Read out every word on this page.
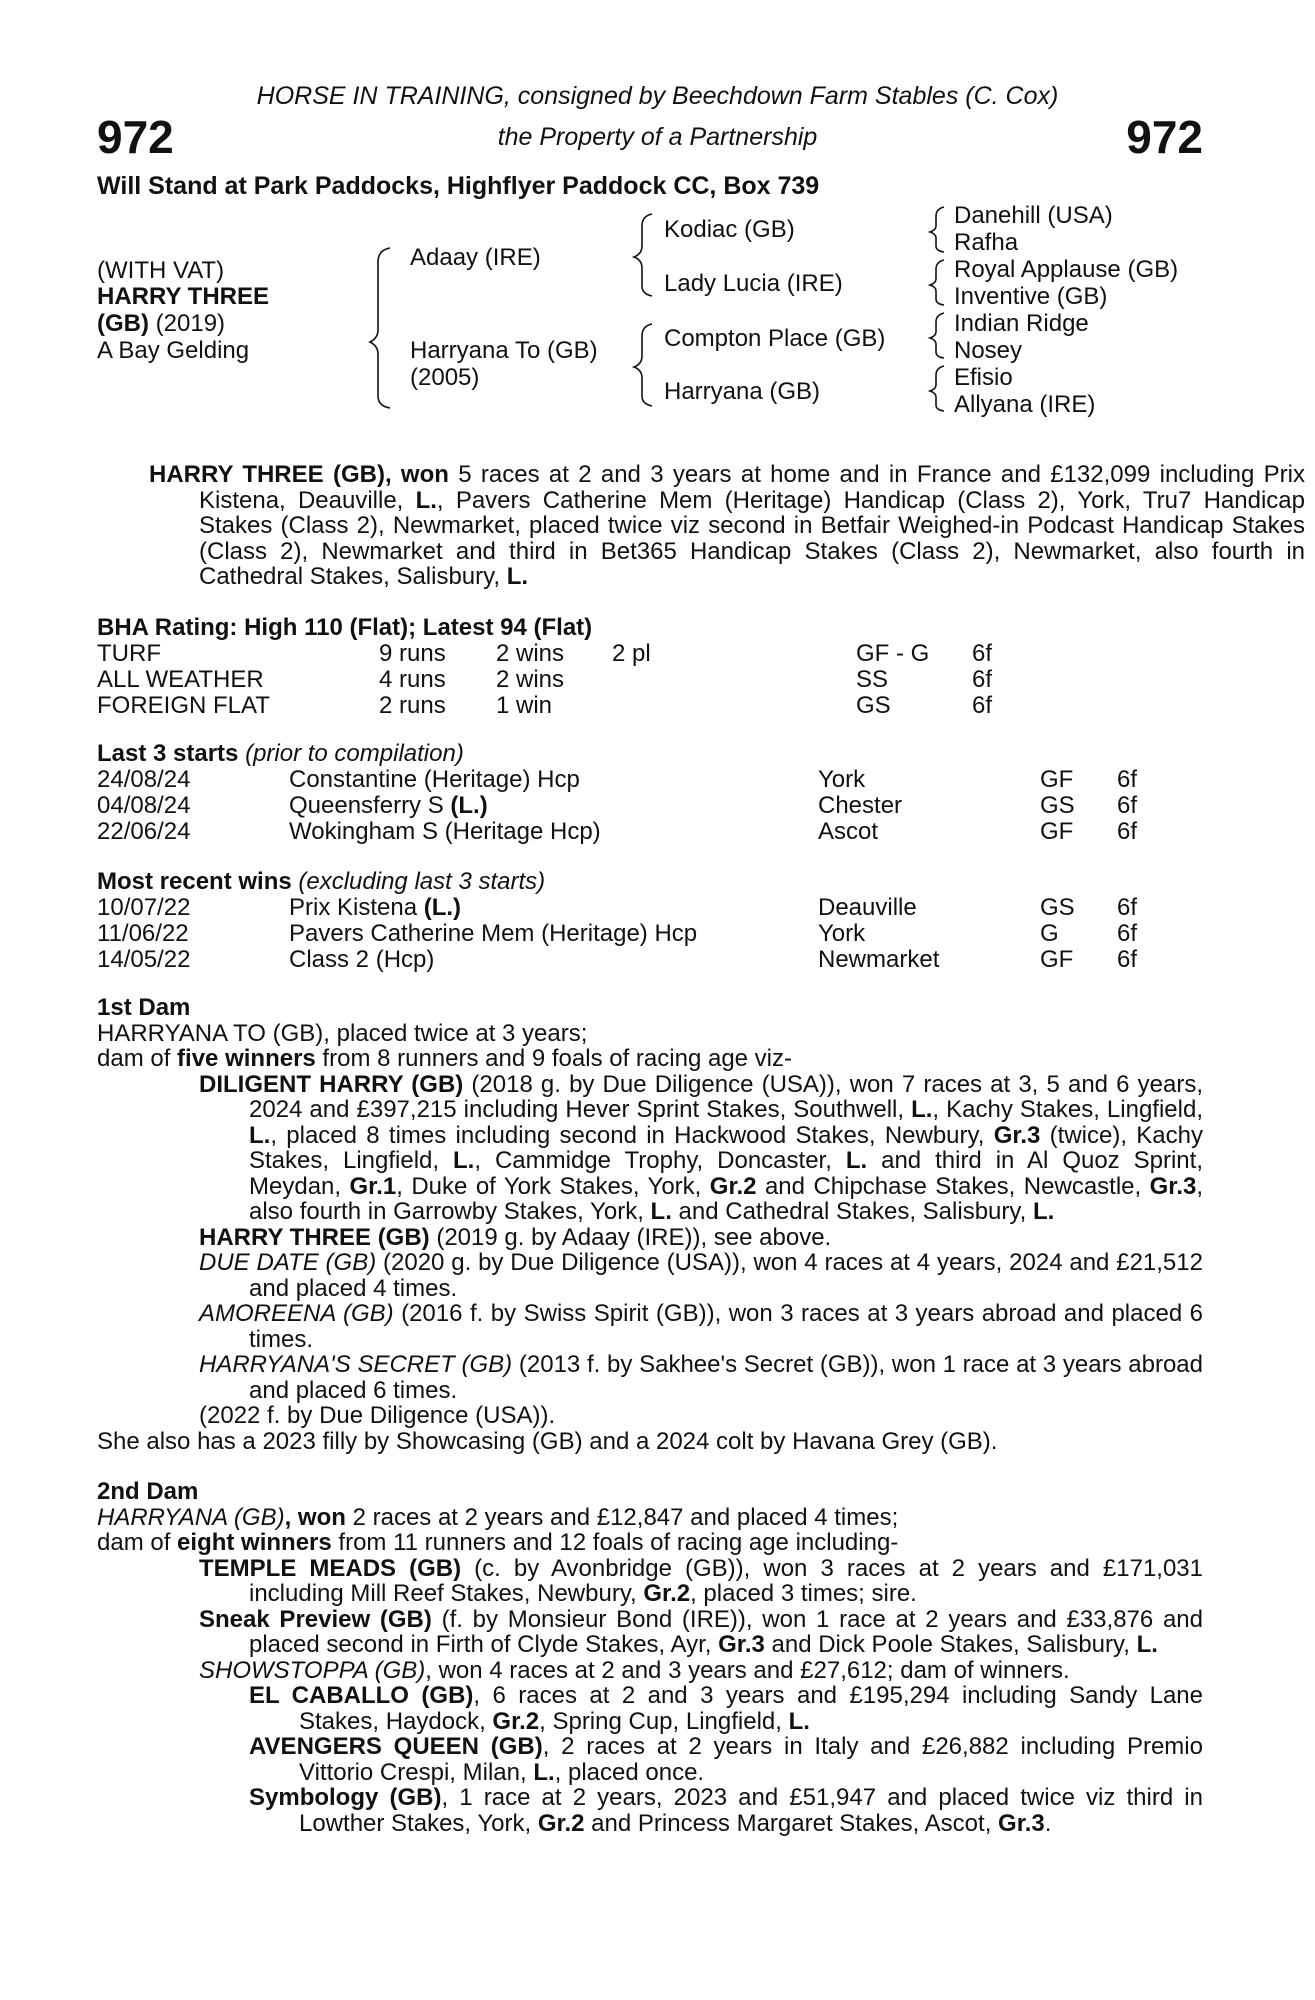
972	972
HORSE IN TRAINING, consigned by Beechdown Farm Stables (C. Cox)
the Property of a Partnership
Will Stand at Park Paddocks, Highflyer Paddock CC, Box 739
(WITH VAT)
HARRY THREE
(GB) (2019)
A Bay Gelding
Adaay (IRE)
Harryana To (GB)
(2005)
Kodiac (GB)
Lady Lucia (IRE)
Compton Place (GB)
Harryana (GB)
Danehill (USA)
Rafha
Royal Applause (GB)
Inventive (GB)
Indian Ridge
Nosey
Efisio
Allyana (IRE)
HARRY THREE (GB), won 5 races at 2 and 3 years at home and in France and £132,099 including Prix Kistena, Deauville, L., Pavers Catherine Mem (Heritage) Handicap (Class 2), York, Tru7 Handicap Stakes (Class 2), Newmarket, placed twice viz second in Betfair Weighed-in Podcast Handicap Stakes (Class 2), Newmarket and third in Bet365 Handicap Stakes (Class 2), Newmarket, also fourth in Cathedral Stakes, Salisbury, L.
BHA Rating: High 110 (Flat); Latest 94 (Flat)
Last 3 starts (prior to compilation)
Most recent wins (excluding last 3 starts)
1st Dam
HARRYANA TO (GB), placed twice at 3 years;
dam of five winners from 8 runners and 9 foals of racing age viz-
DILIGENT HARRY (GB) (2018 g. by Due Diligence (USA)), won 7 races at 3, 5 and 6 years, 2024 and £397,215 including Hever Sprint Stakes, Southwell, L., Kachy Stakes, Lingfield, L., placed 8 times including second in Hackwood Stakes, Newbury, Gr.3 (twice), Kachy Stakes, Lingfield, L., Cammidge Trophy, Doncaster, L. and third in Al Quoz Sprint, Meydan, Gr.1, Duke of York Stakes, York, Gr.2 and Chipchase Stakes, Newcastle, Gr.3, also fourth in Garrowby Stakes, York, L. and Cathedral Stakes, Salisbury, L.
HARRY THREE (GB) (2019 g. by Adaay (IRE)), see above.
DUE DATE (GB) (2020 g. by Due Diligence (USA)), won 4 races at 4 years, 2024 and £21,512 and placed 4 times.
AMOREENA (GB) (2016 f. by Swiss Spirit (GB)), won 3 races at 3 years abroad and placed 6 times.
HARRYANA'S SECRET (GB) (2013 f. by Sakhee's Secret (GB)), won 1 race at 3 years abroad and placed 6 times.
(2022 f. by Due Diligence (USA)).
She also has a 2023 filly by Showcasing (GB) and a 2024 colt by Havana Grey (GB).
2nd Dam
HARRYANA (GB), won 2 races at 2 years and £12,847 and placed 4 times;
dam of eight winners from 11 runners and 12 foals of racing age including-
TEMPLE MEADS (GB) (c. by Avonbridge (GB)), won 3 races at 2 years and £171,031 including Mill Reef Stakes, Newbury, Gr.2, placed 3 times; sire.
Sneak Preview (GB) (f. by Monsieur Bond (IRE)), won 1 race at 2 years and £33,876 and placed second in Firth of Clyde Stakes, Ayr, Gr.3 and Dick Poole Stakes, Salisbury, L.
SHOWSTOPPA (GB), won 4 races at 2 and 3 years and £27,612; dam of winners.
EL CABALLO (GB), 6 races at 2 and 3 years and £195,294 including Sandy Lane Stakes, Haydock, Gr.2, Spring Cup, Lingfield, L.
AVENGERS QUEEN (GB), 2 races at 2 years in Italy and £26,882 including Premio Vittorio Crespi, Milan, L., placed once.
Symbology (GB), 1 race at 2 years, 2023 and £51,947 and placed twice viz third in Lowther Stakes, York, Gr.2 and Princess Margaret Stakes, Ascot, Gr.3.
TURF	9 runs 2 wins 2 pl	GF - G 6f
ALL WEATHER	4 runs 2 wins	SS	6f
FOREIGN FLAT	2 runs 1 win	GS	6f
24/08/24	Constantine (Heritage) Hcp	York	GF 6f
04/08/24	Queensferry S (L.)	Chester	GS 6f
22/06/24	Wokingham S (Heritage Hcp)	Ascot	GF 6f
10/07/22	Prix Kistena (L.)	Deauville	GS 6f
11/06/22	Pavers Catherine Mem (Heritage) Hcp	York	G 6f
14/05/22	Class 2 (Hcp)	Newmarket	GF 6f
